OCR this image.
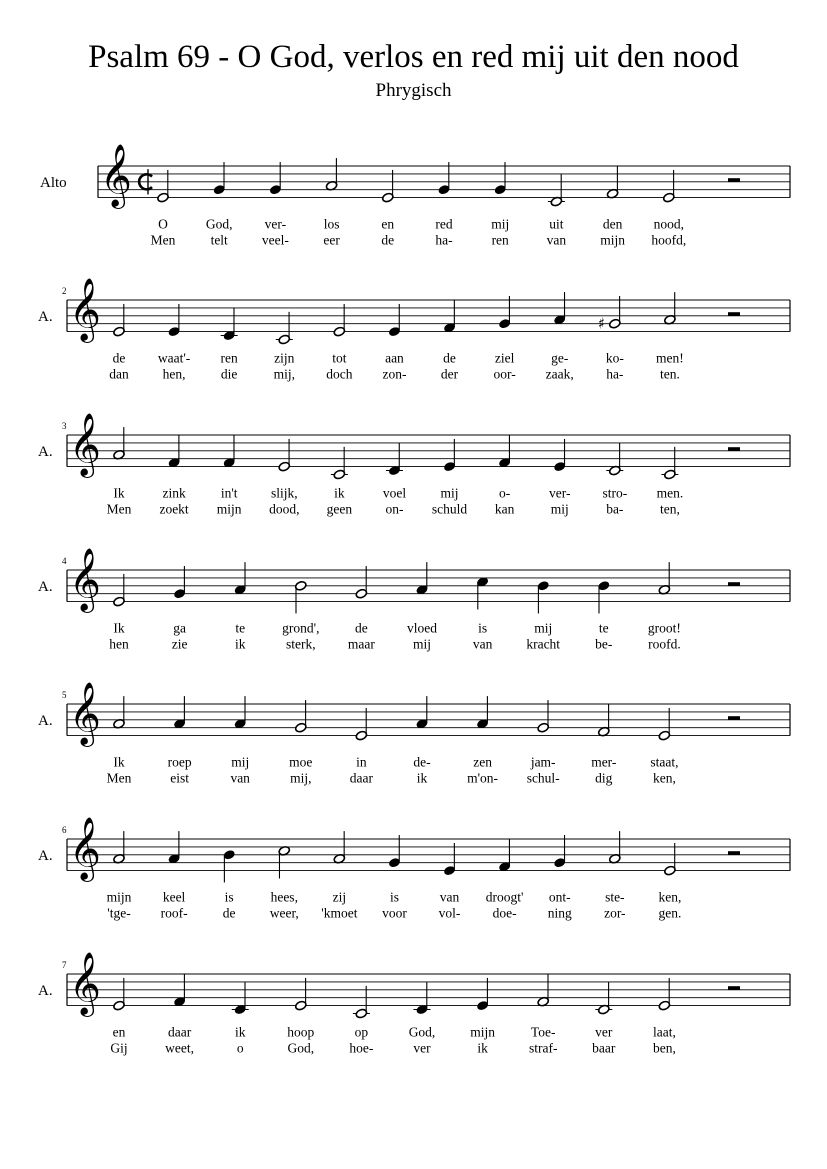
Psalm 69 - O God, verlos en red mij uit den nood
Phrygisch
Alto 𝄞
O
Men
God,
telt
ver-
veel-
los
eer
en
de
red
ha-
mij
ren
uit
van
den
mijn
nood,
hoofd,
A.
2 𝄞
de
dan
waat'-
hen,
ren
die
zijn
mij,
tot
doch
aan
zon-
de
der
ziel
oor-
ge-
zaak,
♯
ko-
ha-
men!
ten.
A.
3 𝄞
Ik
Men
zink
zoekt
in't
mijn
slijk,
dood,
ik
geen
voel
on-
mij
schuld
o-
kan
ver-
mij
stro-
ba-
men.
ten,
A.
4 𝄞
Ik
hen
ga
zie
te
ik
grond',
sterk,
de
maar
vloed
mij
is
van
mij
kracht
te
be-
groot!
roofd.
A.
5 𝄞
Ik
Men
roep
eist
mij
van
moe
mij,
in
daar
de-
ik
zen
m'on-
jam-
schul-
mer-
dig
staat,
ken,
A.
6 𝄞
mijn
'tge-
keel
roof-
is
de
hees,
weer,
zij
'kmoet
is
voor
van
vol-
droogt'
doe-
ont-
ning
ste-
zor-
ken,
gen.
A.
7 𝄞
en
Gij
daar
weet,
ik
o
hoop
God,
op
hoe-
God,
ver
mijn
ik
Toe-
straf-
ver
baar
laat,
ben,
